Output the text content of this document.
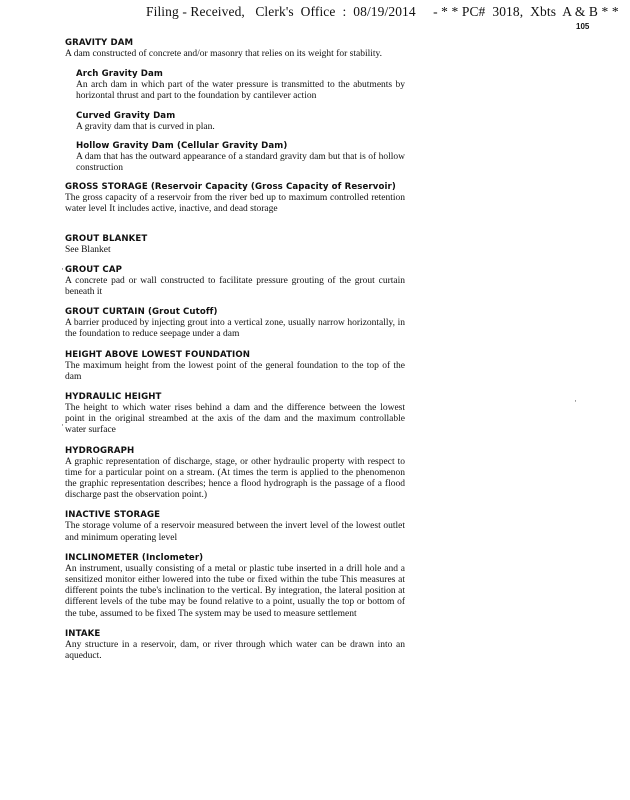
Filing - Received,   Clerk's  Office  :  08/19/2014     - * * PC#  3018,  Xbts  A & B * *
105
·
·
·
GRAVITY DAM

A dam constructed of concrete and/or masonry that relies on its weight for stability.

Arch Gravity Dam

An arch dam in which part of the water pressure is transmitted to the abutments by horizontal thrust and part to the foundation by cantilever action

Curved Gravity Dam

A gravity dam that is curved in plan.

Hollow Gravity Dam (Cellular Gravity Dam)

A dam that has the outward appearance of a standard gravity dam but that is of hollow construction

GROSS STORAGE (Reservoir Capacity (Gross Capacity of Reservoir)

The gross capacity of a reservoir from the river bed up to maximum controlled retention water level It includes active, inactive, and dead storage

GROUT BLANKET

See Blanket

GROUT CAP

A concrete pad or wall constructed to facilitate pressure grouting of the grout curtain beneath it

GROUT CURTAIN (Grout Cutoff)

A barrier produced by injecting grout into a vertical zone, usually narrow horizontally, in the foundation to reduce seepage under a dam

HEIGHT ABOVE LOWEST FOUNDATION

The maximum height from the lowest point of the general foundation to the top of the dam

HYDRAULIC HEIGHT

The height to which water rises behind a dam and the difference between the lowest point in the original streambed at the axis of the dam and the maximum controllable water surface

HYDROGRAPH

A graphic representation of discharge, stage, or other hydraulic property with respect to time for a particular point on a stream. (At times the term is applied to the phenomenon the graphic representation describes; hence a flood hydrograph is the passage of a flood discharge past the observation point.)

INACTIVE STORAGE

The storage volume of a reservoir measured between the invert level of the lowest outlet and minimum operating level

INCLINOMETER (Inclometer)

An instrument, usually consisting of a metal or plastic tube inserted in a drill hole and a sensitized monitor either lowered into the tube or fixed within the tube This measures at different points the tube's inclination to the vertical. By integration, the lateral position at different levels of the tube may be found relative to a point, usually the top or bottom of the tube, assumed to be fixed The system may be used to measure settlement

INTAKE

Any structure in a reservoir, dam, or river through which water can be drawn into an aqueduct.
